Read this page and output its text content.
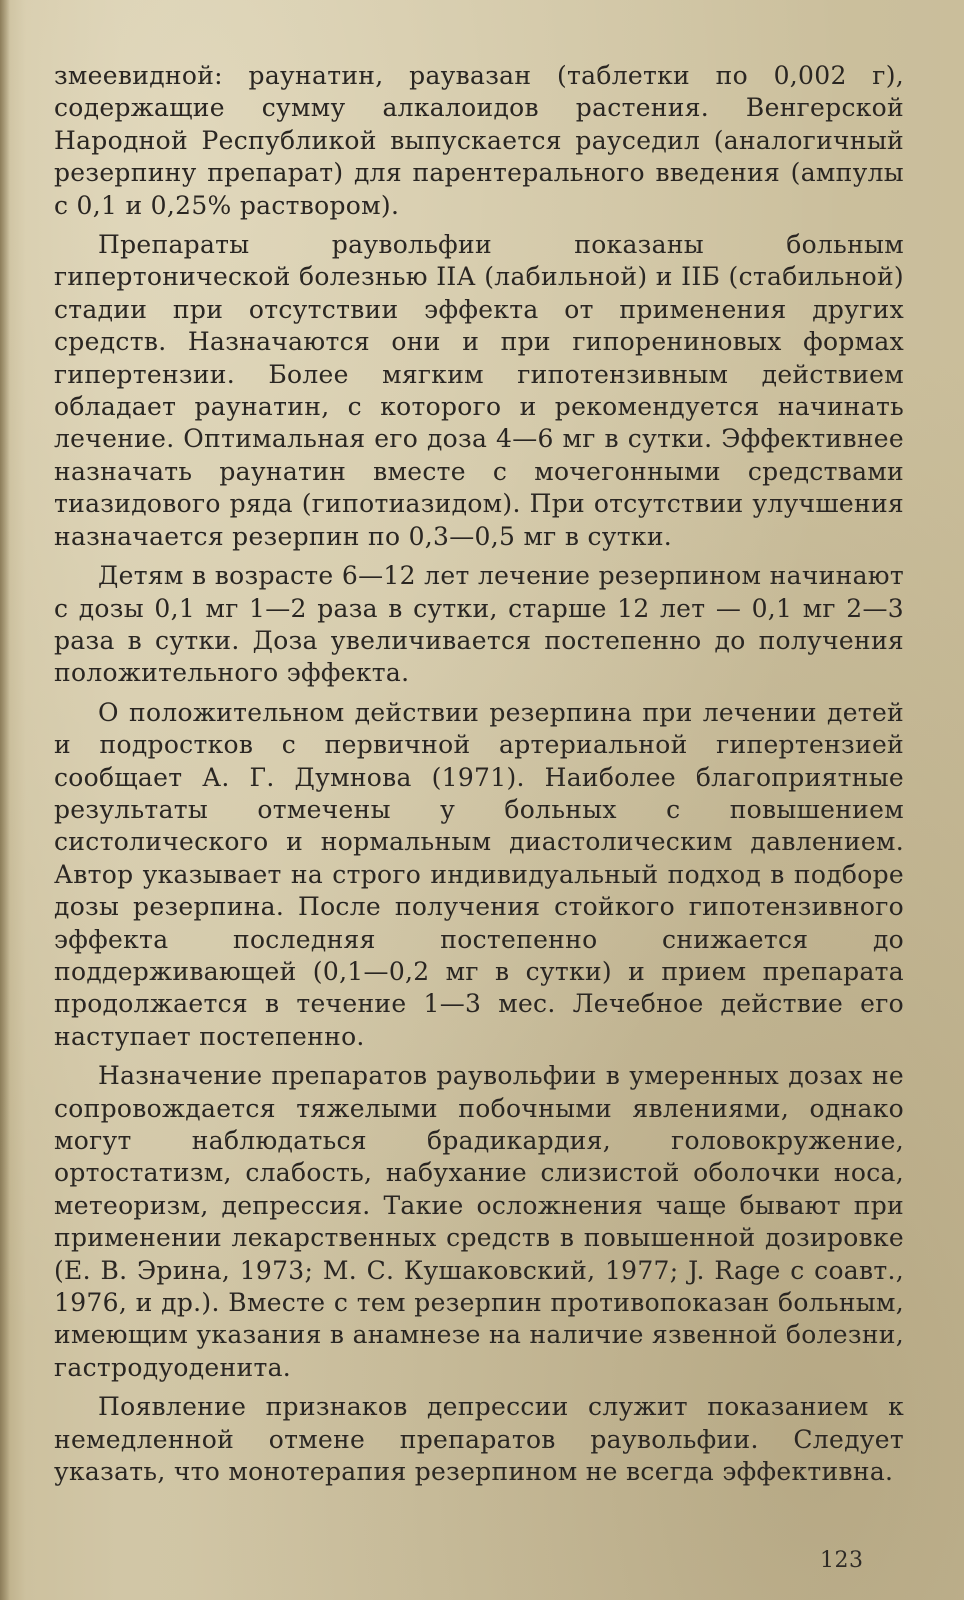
змеевидной: раунатин, раувазан (таблетки по 0,002 г), содержащие сумму алкалоидов растения. Венгерской Народной Республикой выпускается рауседил (аналогичный резерпину препарат) для парентерального введения (ампулы с 0,1 и 0,25% раствором).

Препараты раувольфии показаны больным гипертонической болезнью IIА (лабильной) и IIБ (стабильной) стадии при отсутствии эффекта от применения других средств. Назначаются они и при гипорениновых формах гипертензии. Более мягким гипотензивным действием обладает раунатин, с которого и рекомендуется начинать лечение. Оптимальная его доза 4—6 мг в сутки. Эффективнее назначать раунатин вместе с мочегонными средствами тиазидового ряда (гипотиазидом). При отсутствии улучшения назначается резерпин по 0,3—0,5 мг в сутки.

Детям в возрасте 6—12 лет лечение резерпином начинают с дозы 0,1 мг 1—2 раза в сутки, старше 12 лет — 0,1 мг 2—3 раза в сутки. Доза увеличивается постепенно до получения положительного эффекта.

О положительном действии резерпина при лечении детей и подростков с первичной артериальной гипертензией сообщает А. Г. Думнова (1971). Наиболее благоприятные результаты отмечены у больных с повышением систолического и нормальным диастолическим давлением. Автор указывает на строго индивидуальный подход в подборе дозы резерпина. После получения стойкого гипотензивного эффекта последняя постепенно снижается до поддерживающей (0,1—0,2 мг в сутки) и прием препарата продолжается в течение 1—3 мес. Лечебное действие его наступает постепенно.

Назначение препаратов раувольфии в умеренных дозах не сопровождается тяжелыми побочными явлениями, однако могут наблюдаться брадикардия, головокружение, ортостатизм, слабость, набухание слизистой оболочки носа, метеоризм, депрессия. Такие осложнения чаще бывают при применении лекарственных средств в повышенной дозировке (Е. В. Эрина, 1973; М. С. Кушаковский, 1977; J. Rage с соавт., 1976, и др.). Вместе с тем резерпин противопоказан больным, имеющим указания в анамнезе на наличие язвенной болезни, гастродуоденита.

Появление признаков депрессии служит показанием к немедленной отмене препаратов раувольфии. Следует указать, что монотерапия резерпином не всегда эффективна.

123
